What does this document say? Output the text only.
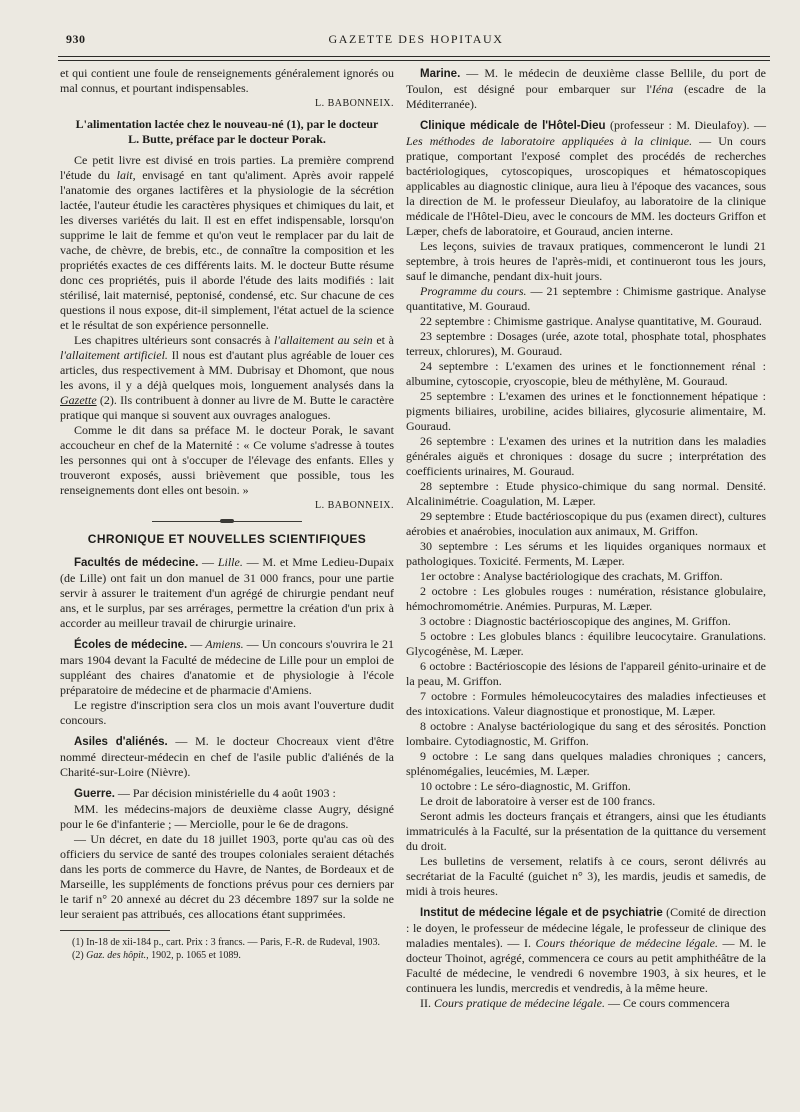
930	GAZETTE DES HOPITAUX

et qui contient une foule de renseignements généralement ignorés ou mal connus, et pourtant indispensables.

L. BABONNEIX.
L'alimentation lactée chez le nouveau-né (1), par le docteur
L. Butte, préface par le docteur Porak.

Ce petit livre est divisé en trois parties. La première comprend l'étude du lait, envisagé en tant qu'aliment. Après avoir rappelé l'anatomie des organes lactifères et la physiologie de la sécrétion lactée, l'auteur étudie les caractères physiques et chimiques du lait, et les diverses variétés du lait. Il est en effet indispensable, lorsqu'on supprime le lait de femme et qu'on veut le remplacer par du lait de vache, de chèvre, de brebis, etc., de connaître la composition et les propriétés exactes de ces différents laits. M. le docteur Butte résume donc ces propriétés, puis il aborde l'étude des laits modifiés : lait stérilisé, lait maternisé, peptonisé, condensé, etc. Sur chacune de ces questions il nous expose, dit-il simplement, l'état actuel de la science et le résultat de son expérience personnelle.

Les chapitres ultérieurs sont consacrés à l'allaitement au sein et à l'allaitement artificiel. Il nous est d'autant plus agréable de louer ces articles, dus respectivement à MM. Dubrisay et Dhomont, que nous les avons, il y a déjà quelques mois, longuement analysés dans la Gazette (2). Ils contribuent à donner au livre de M. Butte le caractère pratique qui manque si souvent aux ouvrages analogues.

Comme le dit dans sa préface M. le docteur Porak, le savant accoucheur en chef de la Maternité : « Ce volume s'adresse à toutes les personnes qui ont à s'occuper de l'élevage des enfants. Elles y trouveront exposés, aussi brièvement que possible, tous les renseignements dont elles ont besoin. »

L. BABONNEIX.
CHRONIQUE ET NOUVELLES SCIENTIFIQUES

Facultés de médecine. — Lille. — M. et Mme Ledieu-Dupaix (de Lille) ont fait un don manuel de 31 000 francs, pour une partie servir à assurer le traitement d'un agrégé de chirurgie pendant neuf ans, et le surplus, par ses arrérages, permettre la création d'un prix à accorder au meilleur travail de chirurgie urinaire.

Écoles de médecine. — Amiens. — Un concours s'ouvrira le 21 mars 1904 devant la Faculté de médecine de Lille pour un emploi de suppléant des chaires d'anatomie et de physiologie à l'école préparatoire de médecine et de pharmacie d'Amiens.

Le registre d'inscription sera clos un mois avant l'ouverture dudit concours.

Asiles d'aliénés. — M. le docteur Chocreaux vient d'être nommé directeur-médecin en chef de l'asile public d'aliénés de la Charité-sur-Loire (Nièvre).

Guerre. — Par décision ministérielle du 4 août 1903 :

MM. les médecins-majors de deuxième classe Augry, désigné pour le 6e d'infanterie ; — Merciolle, pour le 6e de dragons.

— Un décret, en date du 18 juillet 1903, porte qu'au cas où des officiers du service de santé des troupes coloniales seraient détachés dans les ports de commerce du Havre, de Nantes, de Bordeaux et de Marseille, les suppléments de fonctions prévus pour ces derniers par le tarif n° 20 annexé au décret du 23 décembre 1897 sur la solde ne leur seraient pas attribués, ces allocations étant supprimées.

(1) In-18 de xii-184 p., cart. Prix : 3 francs. — Paris, F.-R. de Rudeval, 1903.

(2) Gaz. des hôpit., 1902, p. 1065 et 1089.

Marine. — M. le médecin de deuxième classe Bellile, du port de Toulon, est désigné pour embarquer sur l'Iéna (escadre de la Méditerranée).

Clinique médicale de l'Hôtel-Dieu (professeur : M. Dieulafoy). — Les méthodes de laboratoire appliquées à la clinique. — Un cours pratique, comportant l'exposé complet des procédés de recherches bactériologiques, cytoscopiques, uroscopiques et hématoscopiques applicables au diagnostic clinique, aura lieu à l'époque des vacances, sous la direction de M. le professeur Dieulafoy, au laboratoire de la clinique médicale de l'Hôtel-Dieu, avec le concours de MM. les docteurs Griffon et Læper, chefs de laboratoire, et Gouraud, ancien interne.

Les leçons, suivies de travaux pratiques, commenceront le lundi 21 septembre, à trois heures de l'après-midi, et continueront tous les jours, sauf le dimanche, pendant dix-huit jours.

Programme du cours. — 21 septembre : Chimisme gastrique. Analyse quantitative, M. Gouraud.

22 septembre : Chimisme gastrique. Analyse quantitative, M. Gouraud.

23 septembre : Dosages (urée, azote total, phosphate total, phosphates terreux, chlorures), M. Gouraud.

24 septembre : L'examen des urines et le fonctionnement rénal : albumine, cytoscopie, cryoscopie, bleu de méthylène, M. Gouraud.

25 septembre : L'examen des urines et le fonctionnement hépatique : pigments biliaires, urobiline, acides biliaires, glycosurie alimentaire, M. Gouraud.

26 septembre : L'examen des urines et la nutrition dans les maladies générales aiguës et chroniques : dosage du sucre ; interprétation des coefficients urinaires, M. Gouraud.

28 septembre : Etude physico-chimique du sang normal. Densité. Alcalinimétrie. Coagulation, M. Læper.

29 septembre : Etude bactérioscopique du pus (examen direct), cultures aérobies et anaérobies, inoculation aux animaux, M. Griffon.

30 septembre : Les sérums et les liquides organiques normaux et pathologiques. Toxicité. Ferments, M. Læper.

1er octobre : Analyse bactériologique des crachats, M. Griffon.

2 octobre : Les globules rouges : numération, résistance globulaire, hémochromométrie. Anémies. Purpuras, M. Læper.

3 octobre : Diagnostic bactérioscopique des angines, M. Griffon.

5 octobre : Les globules blancs : équilibre leucocytaire. Granulations. Glycogénèse, M. Læper.

6 octobre : Bactérioscopie des lésions de l'appareil génito-urinaire et de la peau, M. Griffon.

7 octobre : Formules hémoleucocytaires des maladies infectieuses et des intoxications. Valeur diagnostique et pronostique, M. Læper.

8 octobre : Analyse bactériologique du sang et des sérosités. Ponction lombaire. Cytodiagnostic, M. Griffon.

9 octobre : Le sang dans quelques maladies chroniques ; cancers, splénomégalies, leucémies, M. Læper.

10 octobre : Le séro-diagnostic, M. Griffon.

Le droit de laboratoire à verser est de 100 francs.

Seront admis les docteurs français et étrangers, ainsi que les étudiants immatriculés à la Faculté, sur la présentation de la quittance du versement du droit.

Les bulletins de versement, relatifs à ce cours, seront délivrés au secrétariat de la Faculté (guichet n° 3), les mardis, jeudis et samedis, de midi à trois heures.

Institut de médecine légale et de psychiatrie (Comité de direction : le doyen, le professeur de médecine légale, le professeur de clinique des maladies mentales). — I. Cours théorique de médecine légale. — M. le docteur Thoinot, agrégé, commencera ce cours au petit amphithéâtre de la Faculté de médecine, le vendredi 6 novembre 1903, à six heures, et le continuera les lundis, mercredis et vendredis, à la même heure.

II. Cours pratique de médecine légale. — Ce cours commencera
